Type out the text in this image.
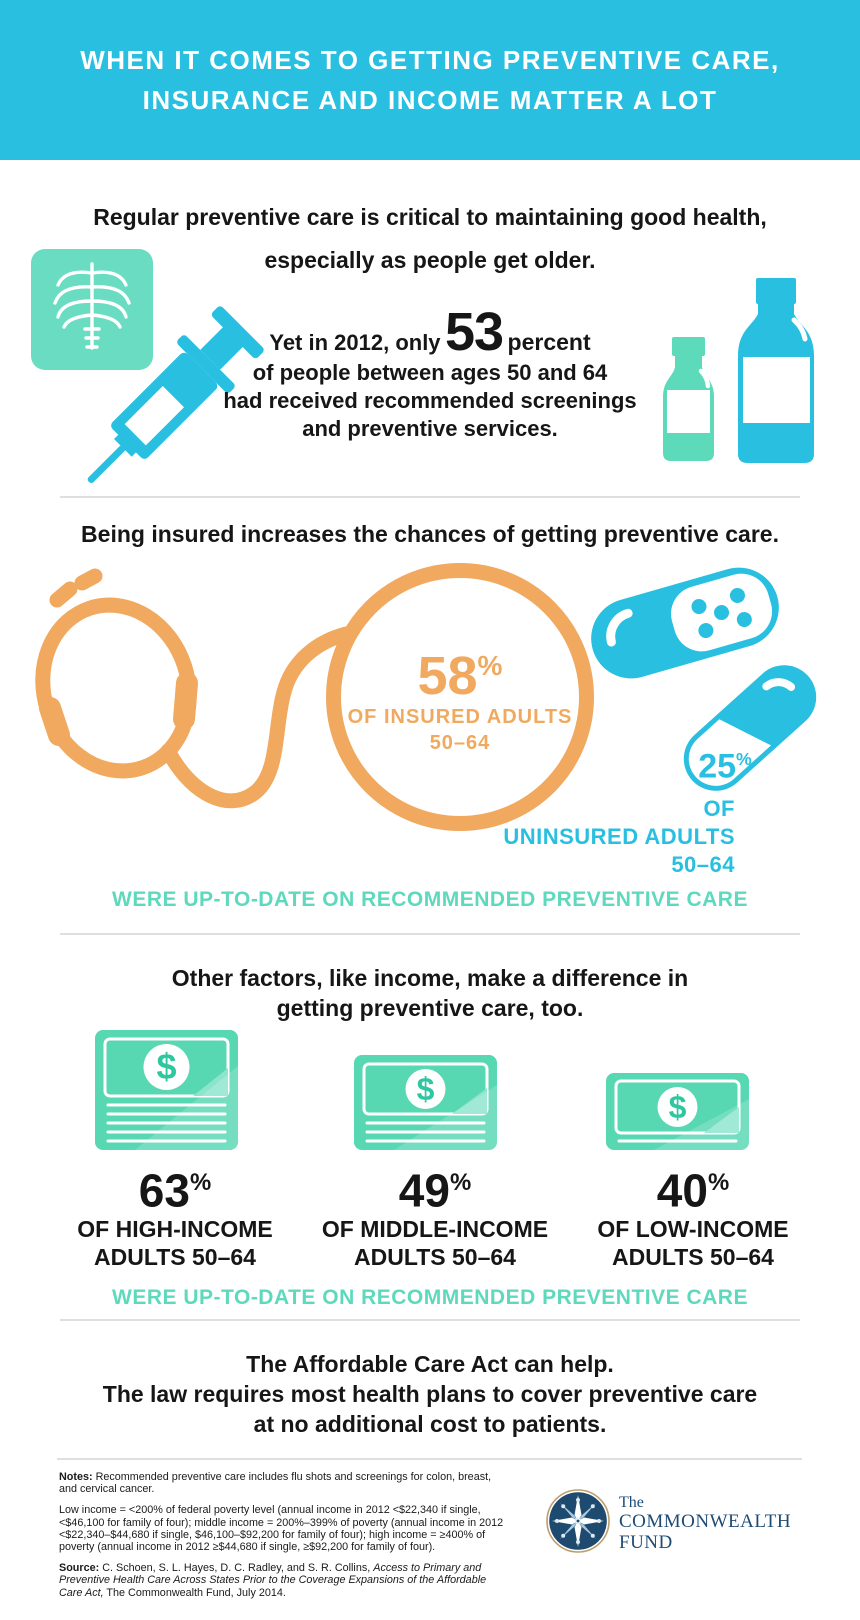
WHEN IT COMES TO GETTING PREVENTIVE CARE,
INSURANCE AND INCOME MATTER A LOT
Regular preventive care is critical to maintaining good health,
especially as people get older.
Yet in 2012, only 53 percent
of people between ages 50 and 64
had received recommended screenings
and preventive services.
Being insured increases the chances of getting preventive care.
58%
OF INSURED ADULTS
50–64
25%
OF
UNINSURED ADULTS
50–64
WERE UP-TO-DATE ON RECOMMENDED PREVENTIVE CARE
Other factors, like income, make a difference in
getting preventive care, too.
$
$	$
63%
OF HIGH-INCOME
ADULTS 50–64
49%
OF MIDDLE-INCOME
ADULTS 50–64
40%
OF LOW-INCOME
ADULTS 50–64
WERE UP-TO-DATE ON RECOMMENDED PREVENTIVE CARE
The Affordable Care Act can help.
The law requires most health plans to cover preventive care
at no additional cost to patients.

Notes: Recommended preventive care includes flu shots and screenings for colon, breast, and cervical cancer.

Low income = <200% of federal poverty level (annual income in 2012 <$22,340 if single, <$46,100 for family of four); middle income = 200%–399% of poverty (annual income in 2012 <$22,340–$44,680 if single, $46,100–$92,200 for family of four); high income = ≥400% of poverty (annual income in 2012 ≥$44,680 if single, ≥$92,200 for family of four).

Source: C. Schoen, S. L. Hayes, D. C. Radley, and S. R. Collins, Access to Primary and Preventive Health Care Across States Prior to the Coverage Expansions of the Affordable Care Act, The Commonwealth Fund, July 2014.

The
COMMONWEALTH
FUND
